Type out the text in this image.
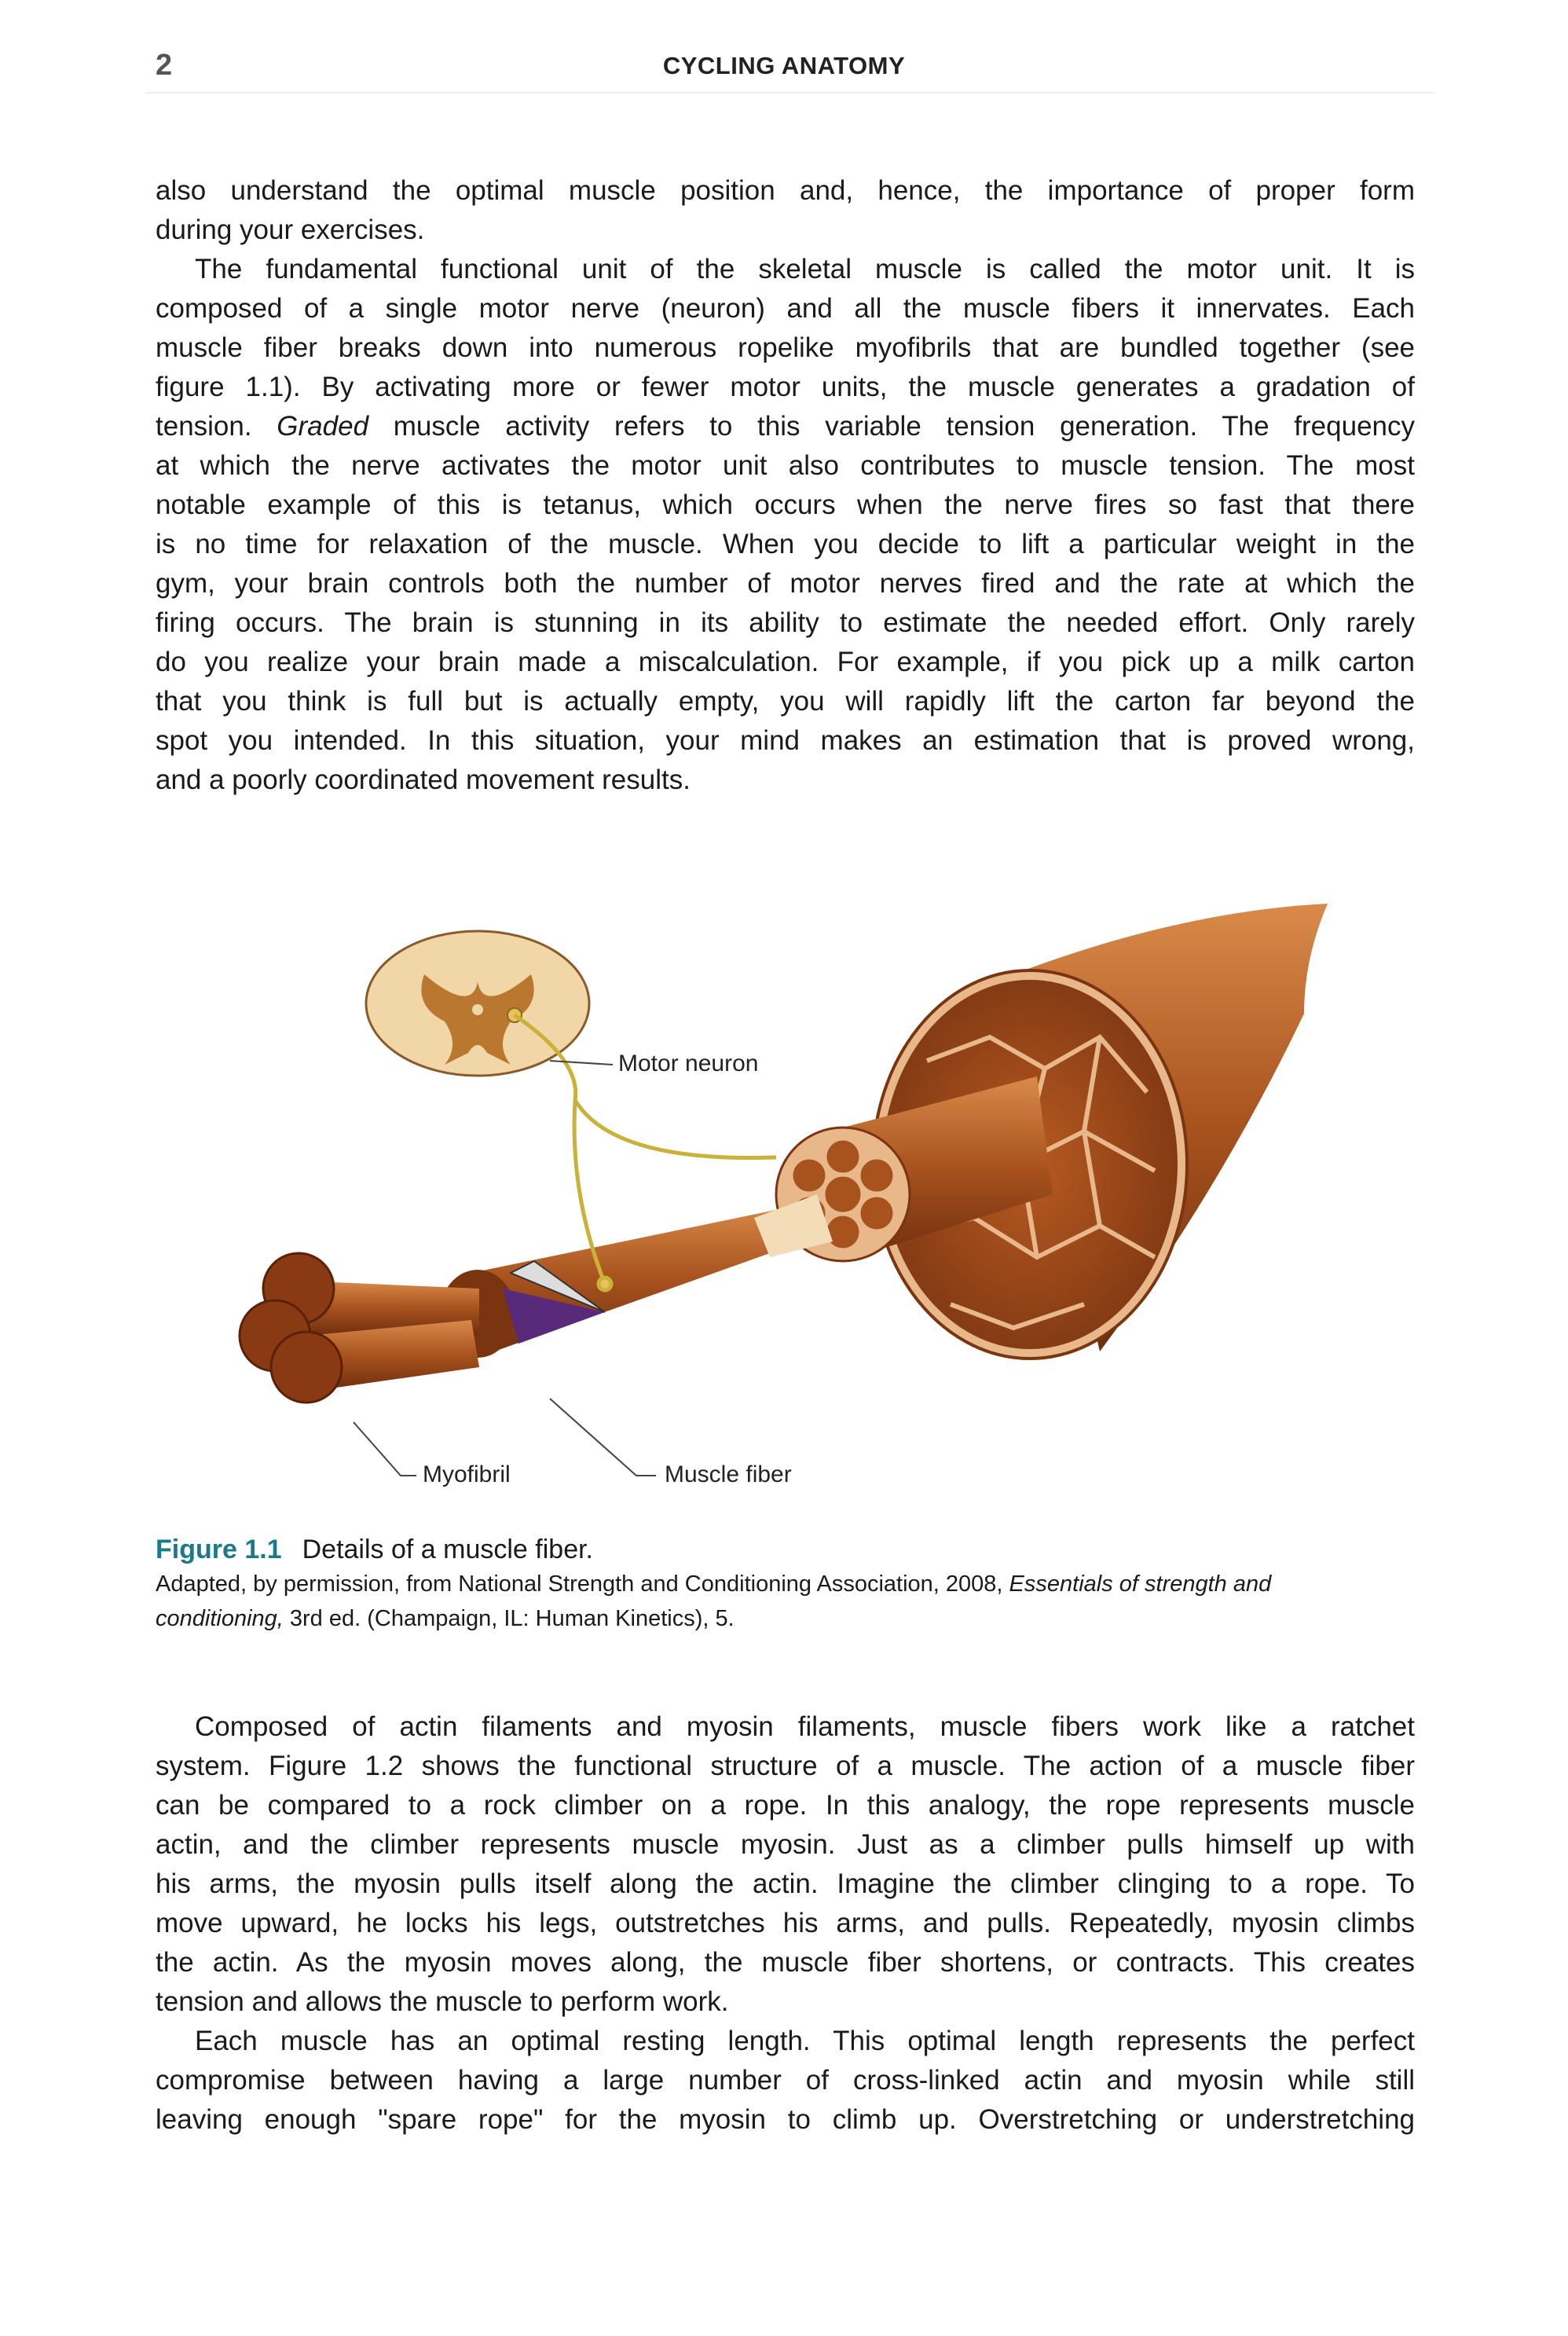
2	CYCLING ANATOMY
also understand the optimal muscle position and, hence, the importance of proper form
during your exercises.
The fundamental functional unit of the skeletal muscle is called the motor unit. It is
composed of a single motor nerve (neuron) and all the muscle fibers it innervates. Each
muscle fiber breaks down into numerous ropelike myofibrils that are bundled together (see
figure 1.1). By activating more or fewer motor units, the muscle generates a gradation of
tension. Graded muscle activity refers to this variable tension generation. The frequency
at which the nerve activates the motor unit also contributes to muscle tension. The most
notable example of this is tetanus, which occurs when the nerve fires so fast that there
is no time for relaxation of the muscle. When you decide to lift a particular weight in the
gym, your brain controls both the number of motor nerves fired and the rate at which the
firing occurs. The brain is stunning in its ability to estimate the needed effort. Only rarely
do you realize your brain made a miscalculation. For example, if you pick up a milk carton
that you think is full but is actually empty, you will rapidly lift the carton far beyond the
spot you intended. In this situation, your mind makes an estimation that is proved wrong,
and a poorly coordinated movement results.
Motor neuron
Myofibril	Muscle fiber
Figure 1.1 Details of a muscle fiber.
Adapted, by permission, from National Strength and Conditioning Association, 2008, Essentials of strength and
conditioning, 3rd ed. (Champaign, IL: Human Kinetics), 5.
Composed of actin filaments and myosin filaments, muscle fibers work like a ratchet
system. Figure 1.2 shows the functional structure of a muscle. The action of a muscle fiber
can be compared to a rock climber on a rope. In this analogy, the rope represents muscle
actin, and the climber represents muscle myosin. Just as a climber pulls himself up with
his arms, the myosin pulls itself along the actin. Imagine the climber clinging to a rope. To
move upward, he locks his legs, outstretches his arms, and pulls. Repeatedly, myosin climbs
the actin. As the myosin moves along, the muscle fiber shortens, or contracts. This creates
tension and allows the muscle to perform work.
Each muscle has an optimal resting length. This optimal length represents the perfect
compromise between having a large number of cross-linked actin and myosin while still
leaving enough "spare rope" for the myosin to climb up. Overstretching or understretching
